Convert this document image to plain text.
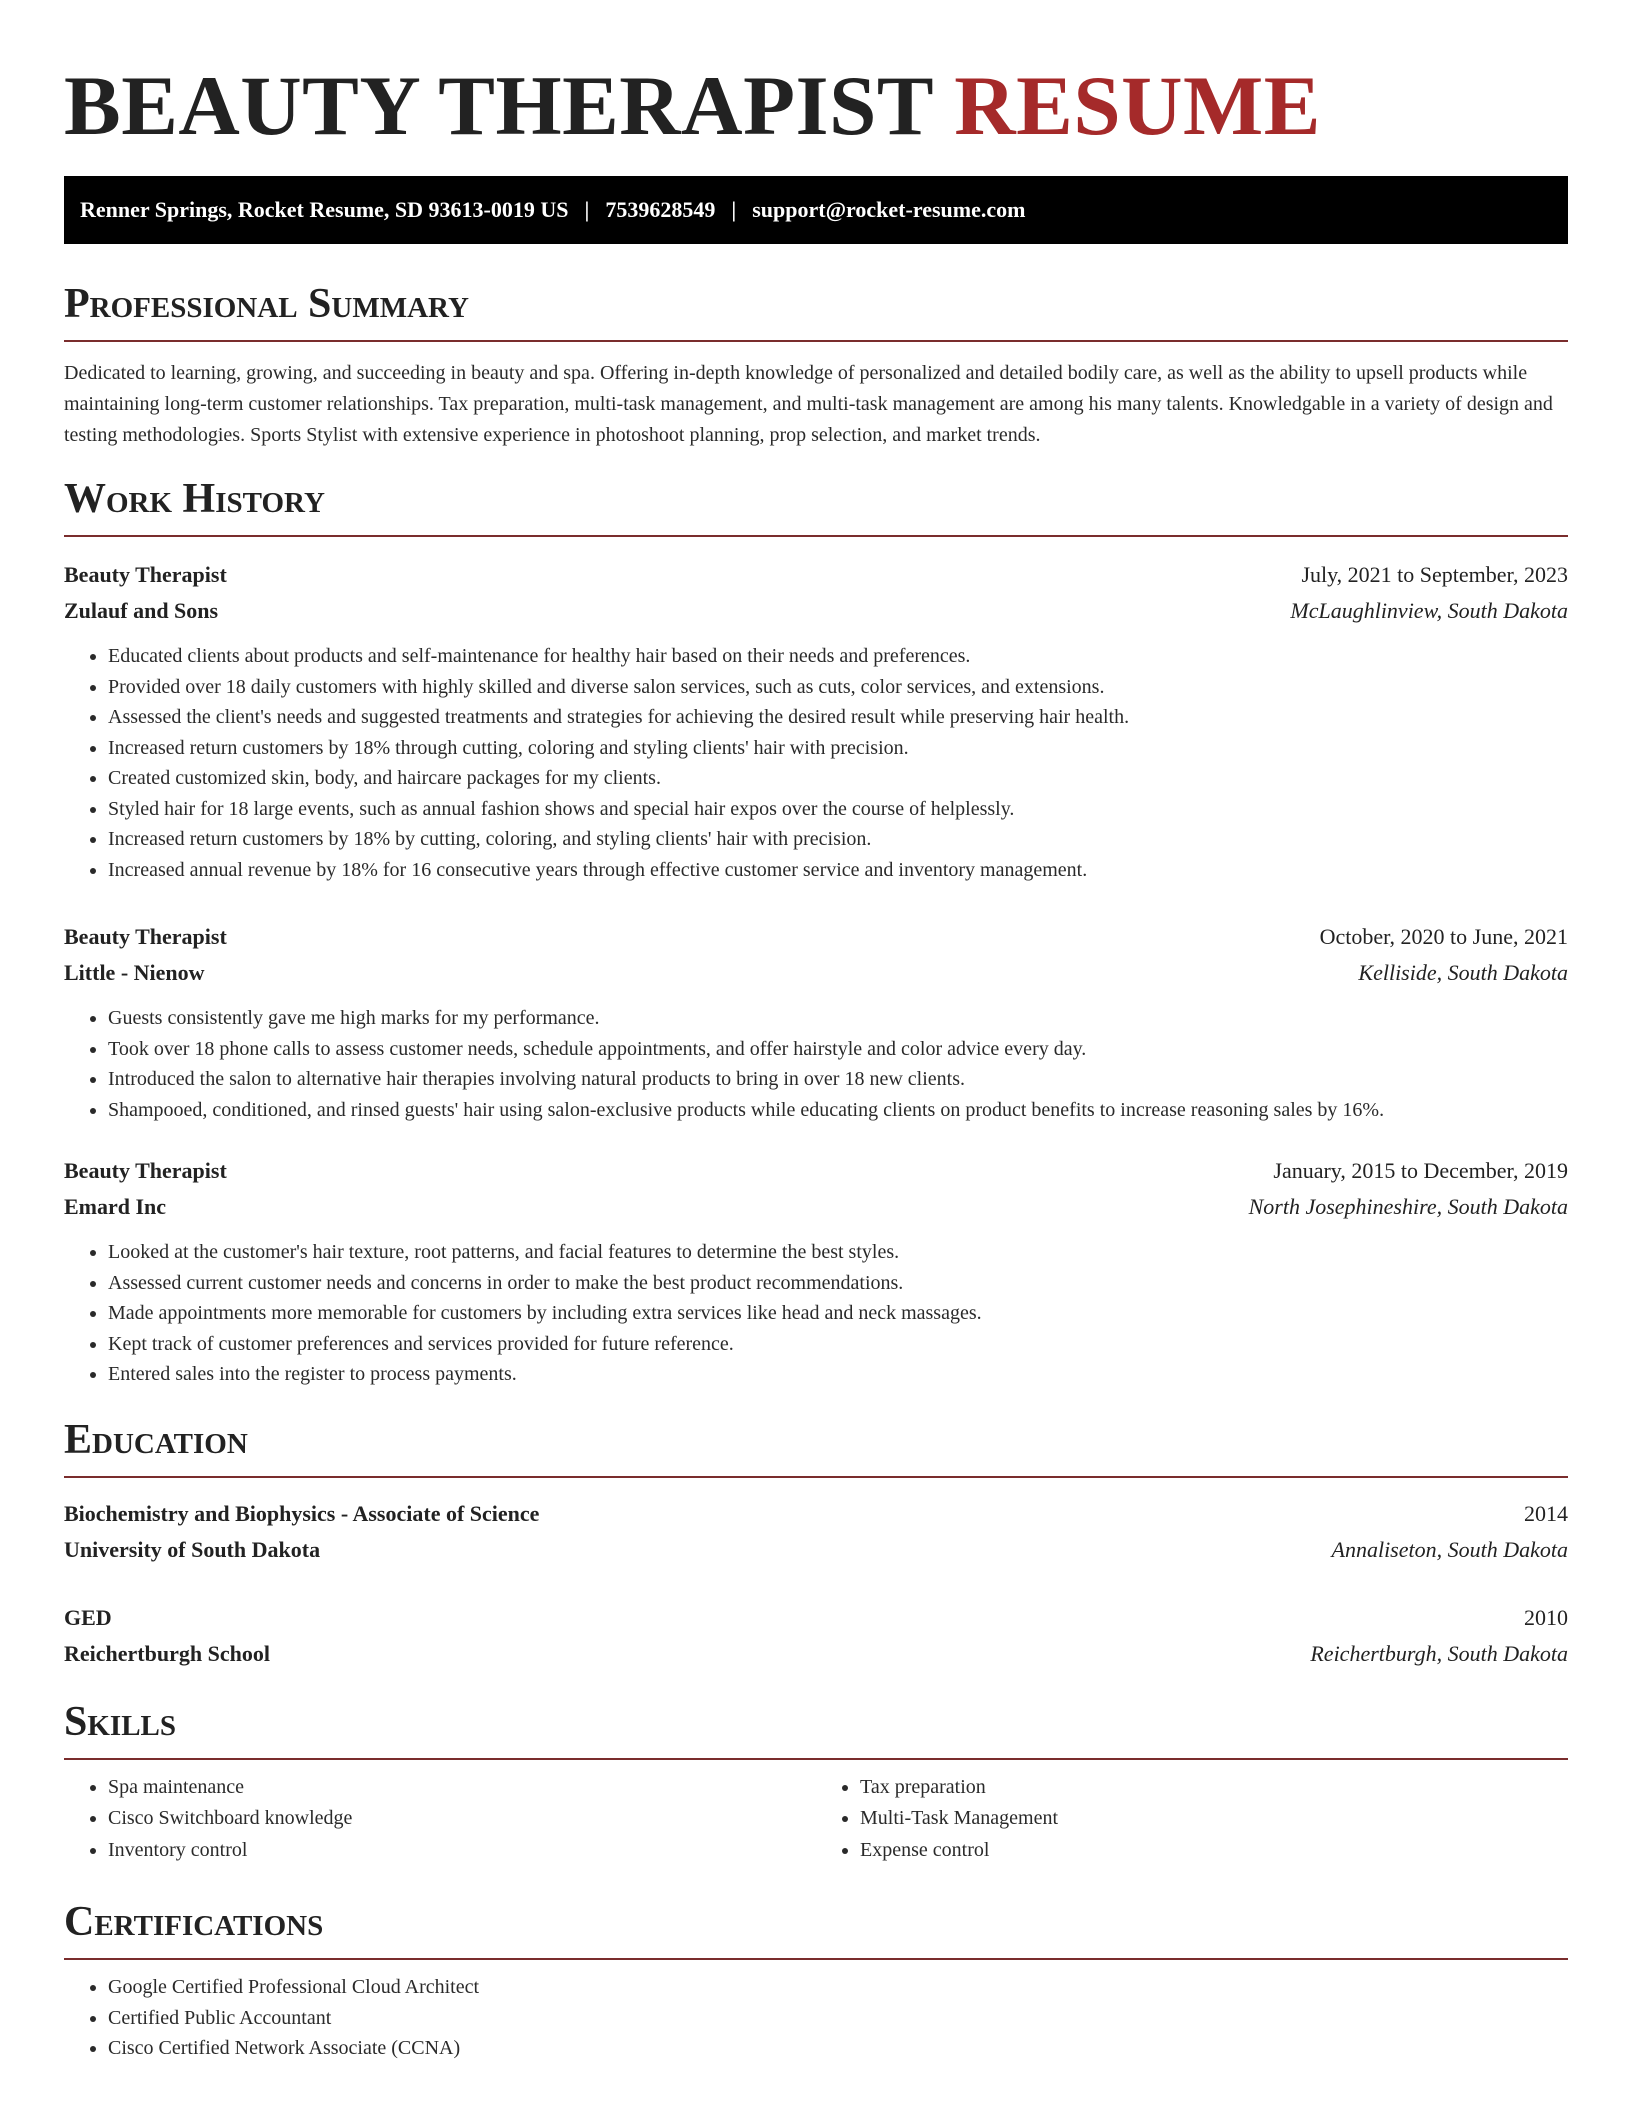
BEAUTY THERAPIST RESUME
Renner Springs, Rocket Resume, SD 93613-0019 US | 7539628549 | support@rocket-resume.com
Professional Summary

Dedicated to learning, growing, and succeeding in beauty and spa. Offering in-depth knowledge of personalized and detailed bodily care, as well as the ability to upsell products while maintaining long-term customer relationships. Tax preparation, multi-task management, and multi-task management are among his many talents. Knowledgable in a variety of design and testing methodologies. Sports Stylist with extensive experience in photoshoot planning, prop selection, and market trends.

Work History
Beauty Therapist	July, 2021 to September, 2023
Zulauf and Sons	McLaughlinview, South Dakota
• Educated clients about products and self-maintenance for healthy hair based on their needs and preferences.
• Provided over 18 daily customers with highly skilled and diverse salon services, such as cuts, color services, and extensions.
• Assessed the client's needs and suggested treatments and strategies for achieving the desired result while preserving hair health.
• Increased return customers by 18% through cutting, coloring and styling clients' hair with precision.
• Created customized skin, body, and haircare packages for my clients.
• Styled hair for 18 large events, such as annual fashion shows and special hair expos over the course of helplessly.
• Increased return customers by 18% by cutting, coloring, and styling clients' hair with precision.
• Increased annual revenue by 18% for 16 consecutive years through effective customer service and inventory management.
Beauty Therapist	October, 2020 to June, 2021
Little - Nienow	Kelliside, South Dakota
• Guests consistently gave me high marks for my performance.
• Took over 18 phone calls to assess customer needs, schedule appointments, and offer hairstyle and color advice every day.
• Introduced the salon to alternative hair therapies involving natural products to bring in over 18 new clients.
• Shampooed, conditioned, and rinsed guests' hair using salon-exclusive products while educating clients on product benefits to increase reasoning sales by 16%.
Beauty Therapist	January, 2015 to December, 2019
Emard Inc	North Josephineshire, South Dakota
• Looked at the customer's hair texture, root patterns, and facial features to determine the best styles.
• Assessed current customer needs and concerns in order to make the best product recommendations.
• Made appointments more memorable for customers by including extra services like head and neck massages.
• Kept track of customer preferences and services provided for future reference.
• Entered sales into the register to process payments.
Education
Biochemistry and Biophysics - Associate of Science	2014
University of South Dakota	Annaliseton, South Dakota
GED	2010
Reichertburgh School	Reichertburgh, South Dakota
Skills
• Spa maintenance
• Cisco Switchboard knowledge
• Inventory control
• Tax preparation
• Multi-Task Management
• Expense control
Certifications
• Google Certified Professional Cloud Architect
• Certified Public Accountant
• Cisco Certified Network Associate (CCNA)
